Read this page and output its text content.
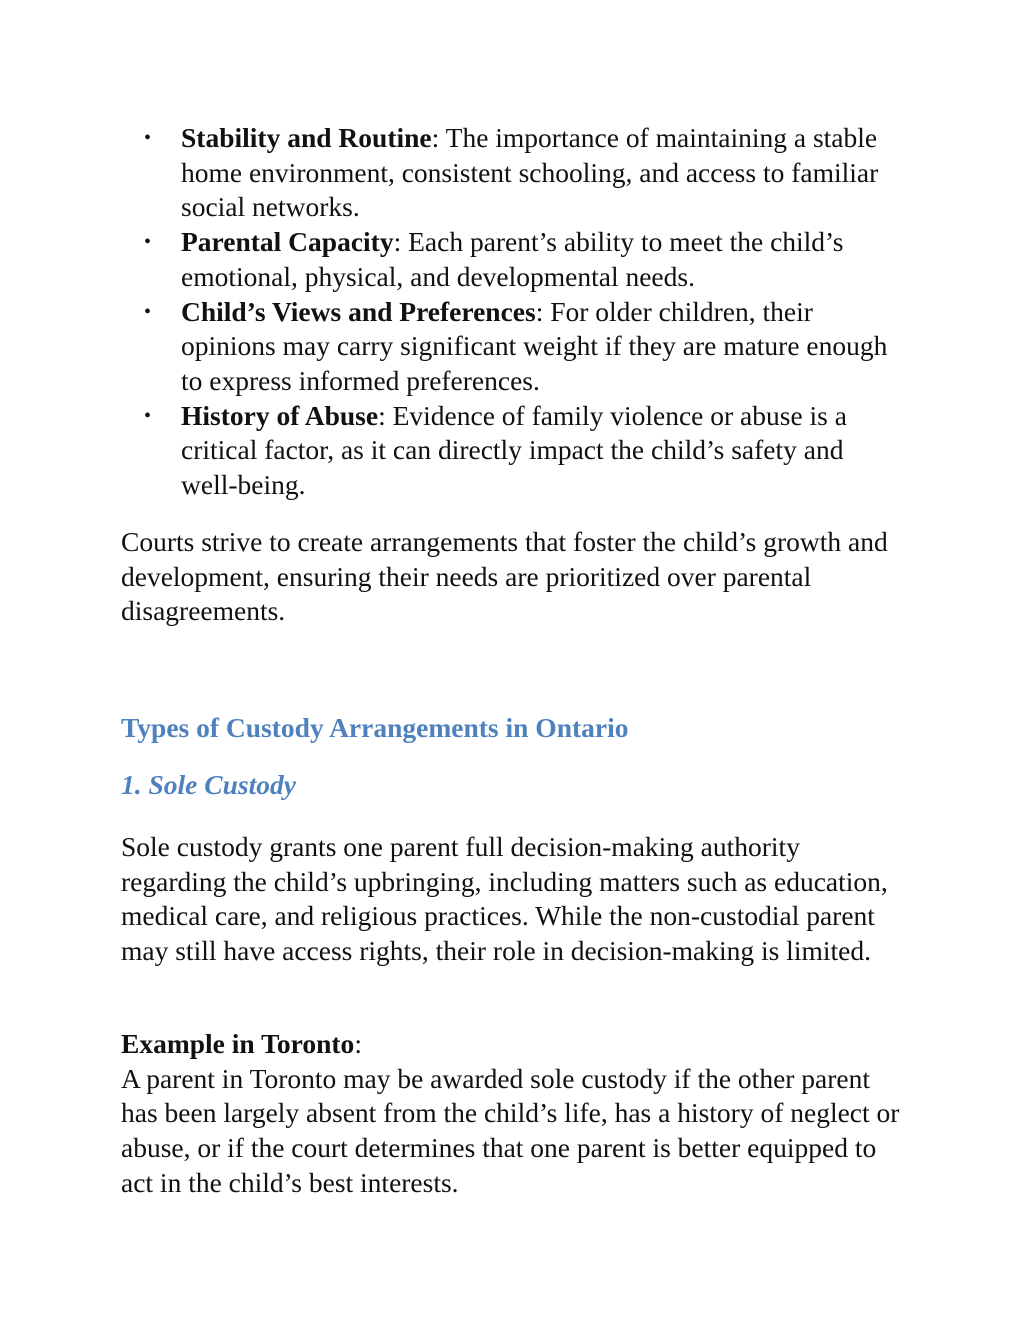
• Stability and Routine: The importance of maintaining a stable home environment, consistent schooling, and access to familiar social networks.
• Parental Capacity: Each parent’s ability to meet the child’s emotional, physical, and developmental needs.
• Child’s Views and Preferences: For older children, their opinions may carry significant weight if they are mature enough to express informed preferences.
• History of Abuse: Evidence of family violence or abuse is a critical factor, as it can directly impact the child’s safety and well-being.

Courts strive to create arrangements that foster the child’s growth and development, ensuring their needs are prioritized over parental disagreements.

Types of Custody Arrangements in Ontario
1. Sole Custody

Sole custody grants one parent full decision-making authority regarding the child’s upbringing, including matters such as education, medical care, and religious practices. While the non-custodial parent may still have access rights, their role in decision-making is limited.

Example in Toronto:
A parent in Toronto may be awarded sole custody if the other parent has been largely absent from the child’s life, has a history of neglect or abuse, or if the court determines that one parent is better equipped to act in the child’s best interests.
